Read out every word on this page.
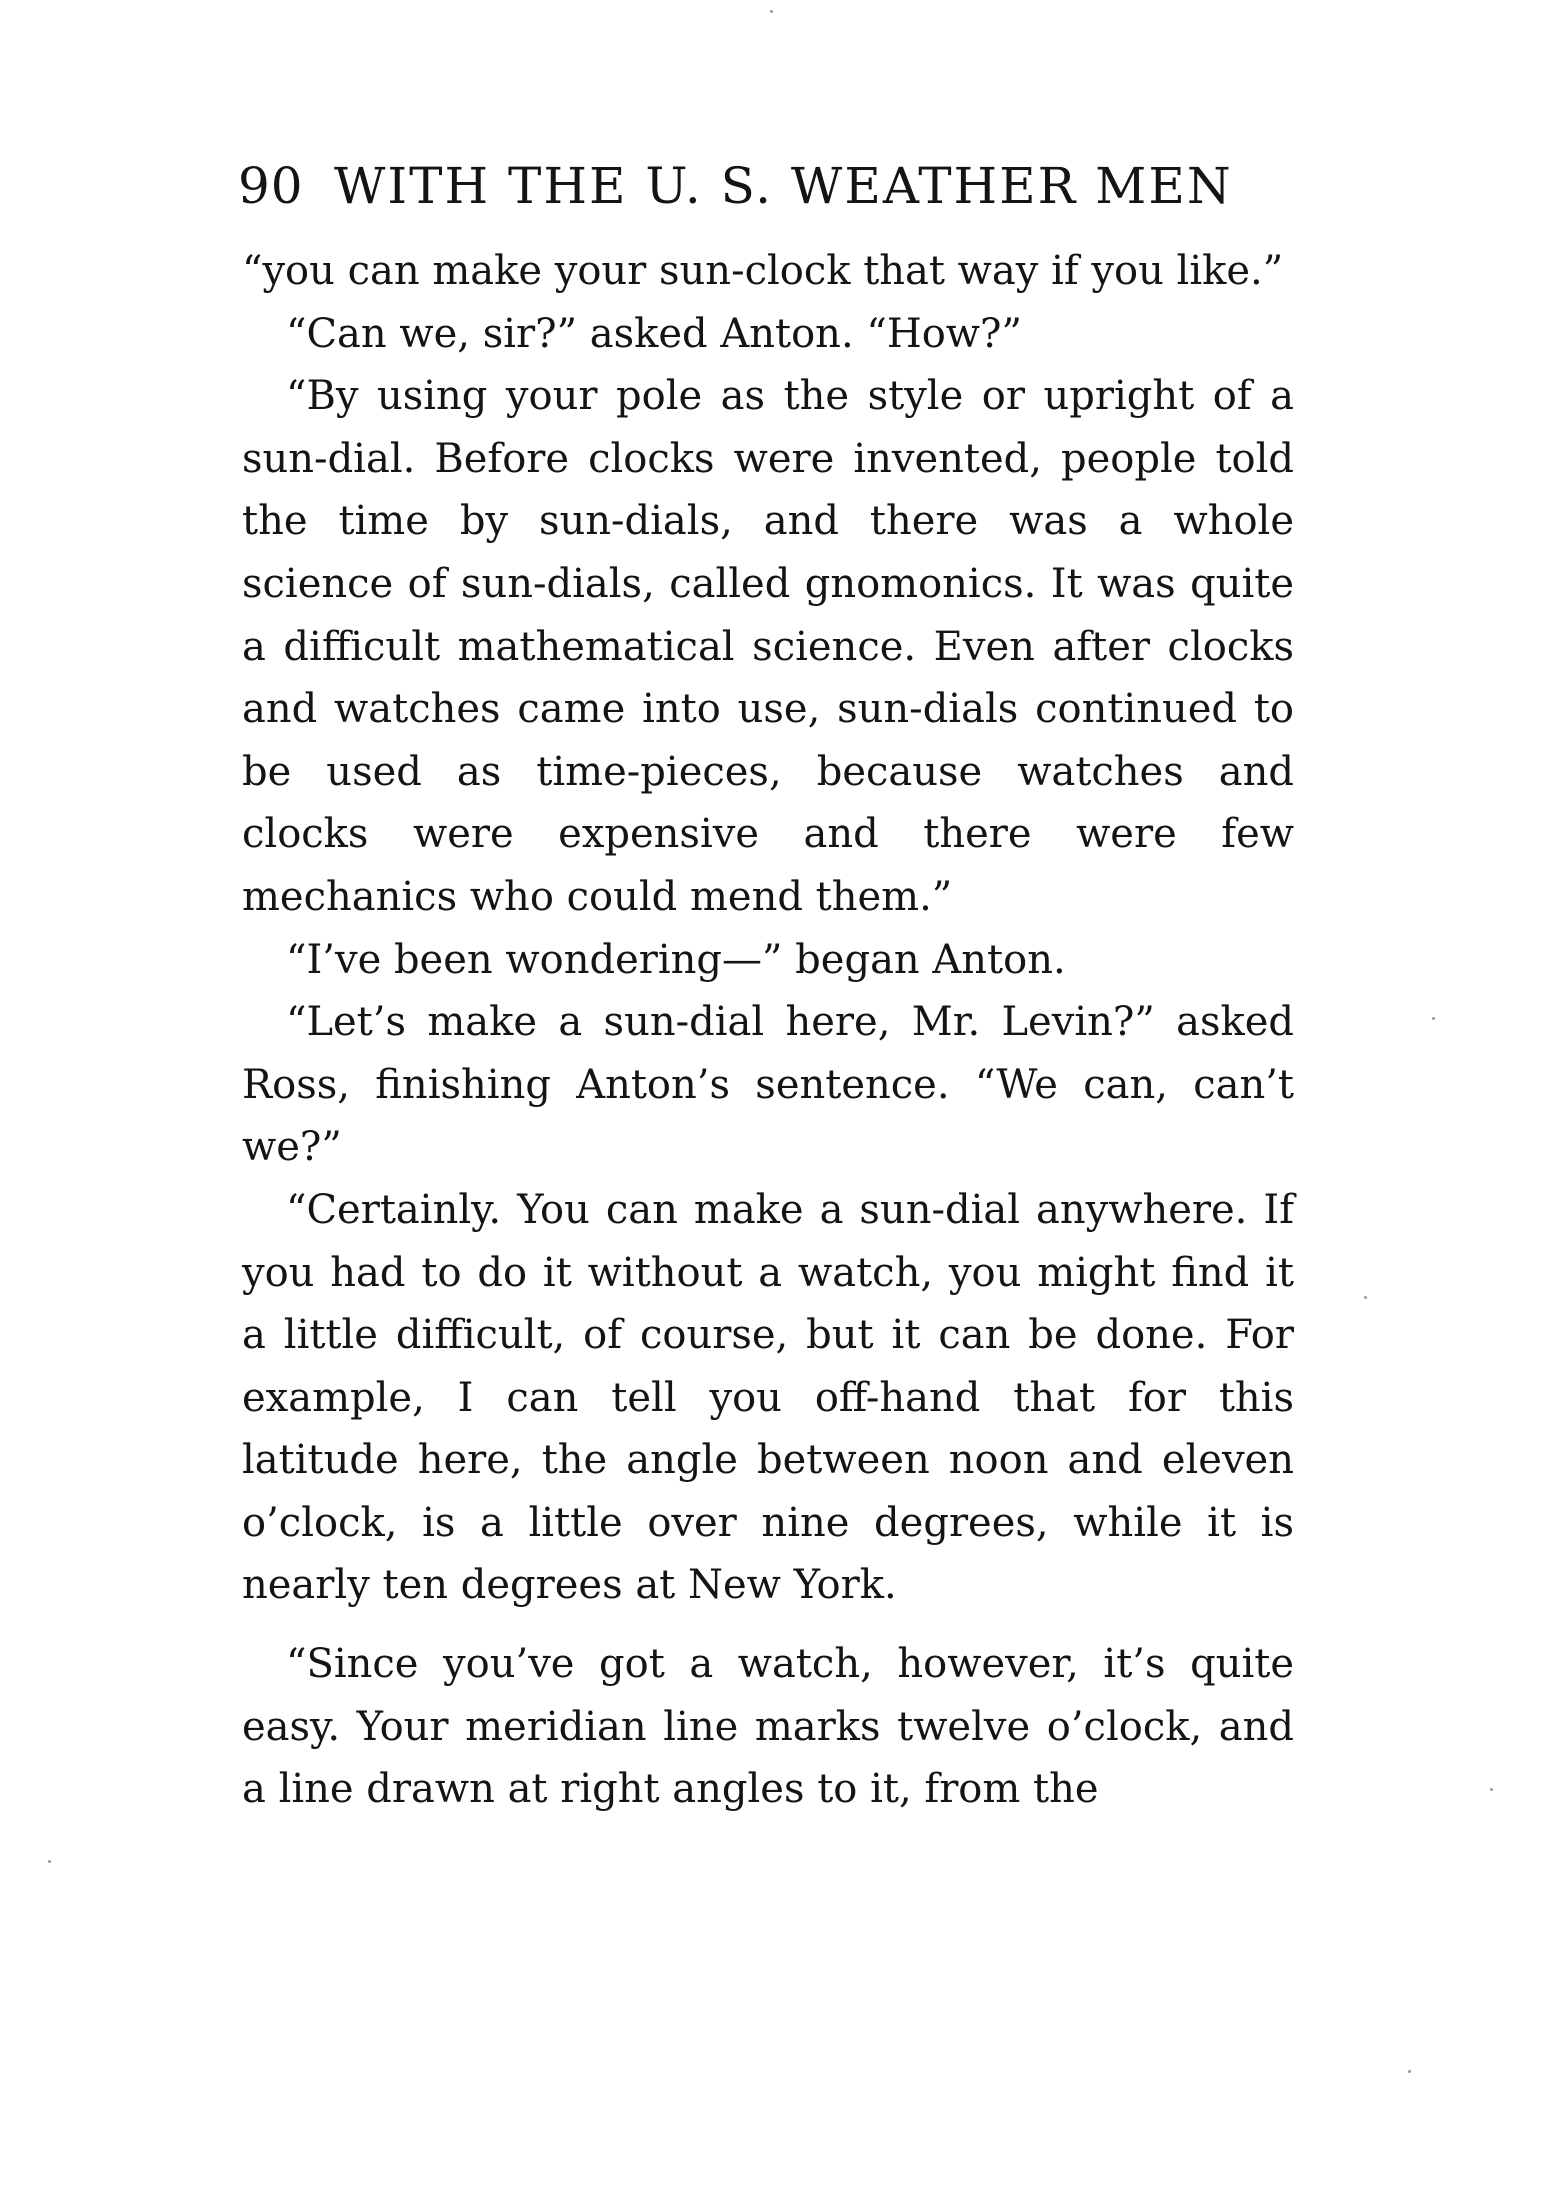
90 WITH THE U. S. WEATHER MEN

“you can make your sun-clock that way if you like.”

“Can we, sir?” asked Anton. “How?”

“By using your pole as the style or upright of a sun-dial. Before clocks were invented, people told the time by sun-dials, and there was a whole science of sun-dials, called gnomonics. It was quite a difficult mathematical science. Even after clocks and watches came into use, sun-dials continued to be used as time-pieces, because watches and clocks were expensive and there were few mechanics who could mend them.”

“I’ve been wondering—” began Anton.

“Let’s make a sun-dial here, Mr. Levin?” asked Ross, finishing Anton’s sentence. “We can, can’t we?”

“Certainly. You can make a sun-dial anywhere. If you had to do it without a watch, you might find it a little difficult, of course, but it can be done. For example, I can tell you off-hand that for this latitude here, the angle between noon and eleven o’clock, is a little over nine degrees, while it is nearly ten degrees at New York.

“Since you’ve got a watch, however, it’s quite easy. Your meridian line marks twelve o’clock, and a line drawn at right angles to it, from the
